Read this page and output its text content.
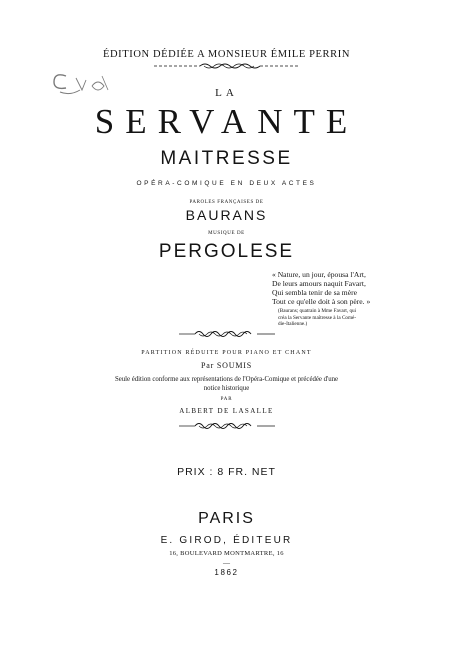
ÉDITION DÉDIÉE A MONSIEUR ÉMILE PERRIN
LA
SERVANTE
MAITRESSE
OPÉRA-COMIQUE EN DEUX ACTES
PAROLES FRANÇAISES DE
BAURANS
MUSIQUE DE
PERGOLESE
« Nature, un jour, épousa l'Art,
De leurs amours naquit Favart,
Qui sembla tenir de sa mère
Tout ce qu'elle doit à son père. »
(Baurans; quatrain à Mme Favart, qui
créa la Servante maîtresse à la Comé-
die-Italienne.)
PARTITION RÉDUITE POUR PIANO ET CHANT
Par SOUMIS
Seule édition conforme aux représentations de l'Opéra-Comique et précédée d'une
notice historique
PAR
ALBERT DE LASALLE
PRIX : 8 FR. NET
PARIS
E. GIROD, ÉDITEUR
16, BOULEVARD MONTMARTRE, 16
—
1862
